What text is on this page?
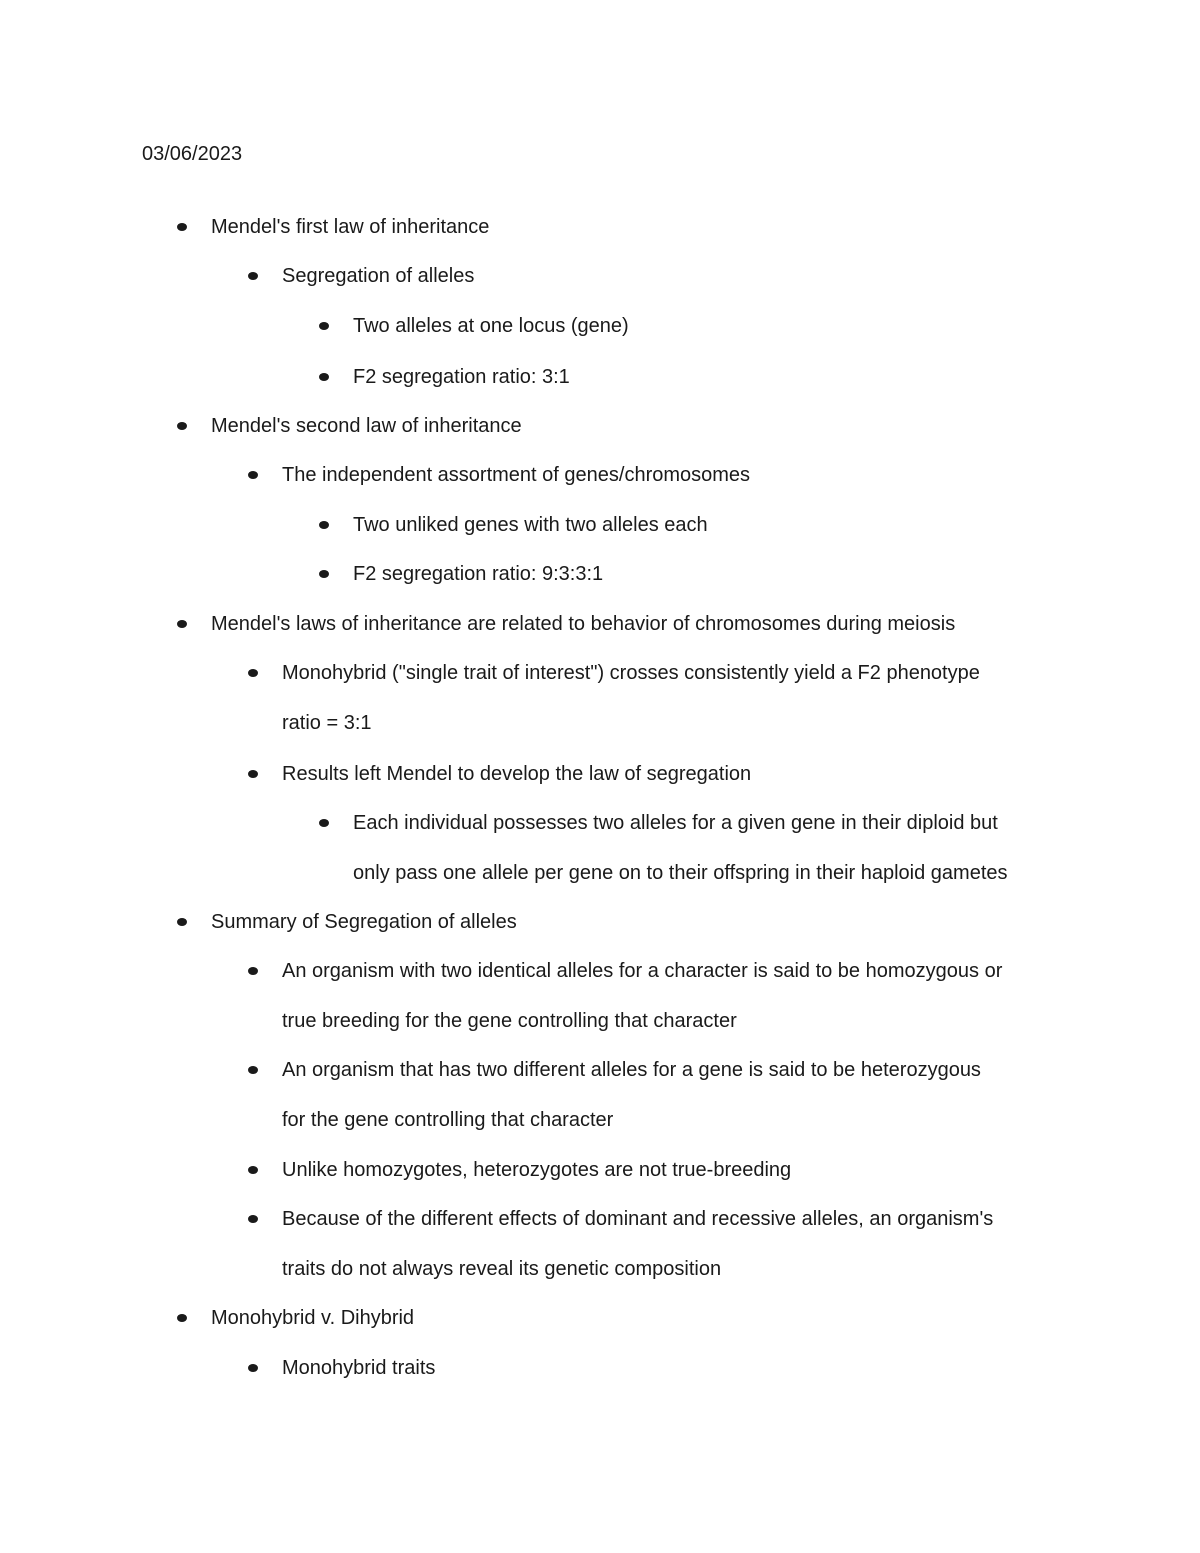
03/06/2023
Mendel's first law of inheritance
Segregation of alleles
Two alleles at one locus (gene)
F2 segregation ratio: 3:1
Mendel's second law of inheritance
The independent assortment of genes/chromosomes
Two unliked genes with two alleles each
F2 segregation ratio: 9:3:3:1
Mendel's laws of inheritance are related to behavior of chromosomes during meiosis
Monohybrid ("single trait of interest") crosses consistently yield a F2 phenotype
ratio = 3:1
Results left Mendel to develop the law of segregation
Each individual possesses two alleles for a given gene in their diploid but
only pass one allele per gene on to their offspring in their haploid gametes
Summary of Segregation of alleles
An organism with two identical alleles for a character is said to be homozygous or
true breeding for the gene controlling that character
An organism that has two different alleles for a gene is said to be heterozygous
for the gene controlling that character
Unlike homozygotes, heterozygotes are not true-breeding
Because of the different effects of dominant and recessive alleles, an organism's
traits do not always reveal its genetic composition
Monohybrid v. Dihybrid
Monohybrid traits
